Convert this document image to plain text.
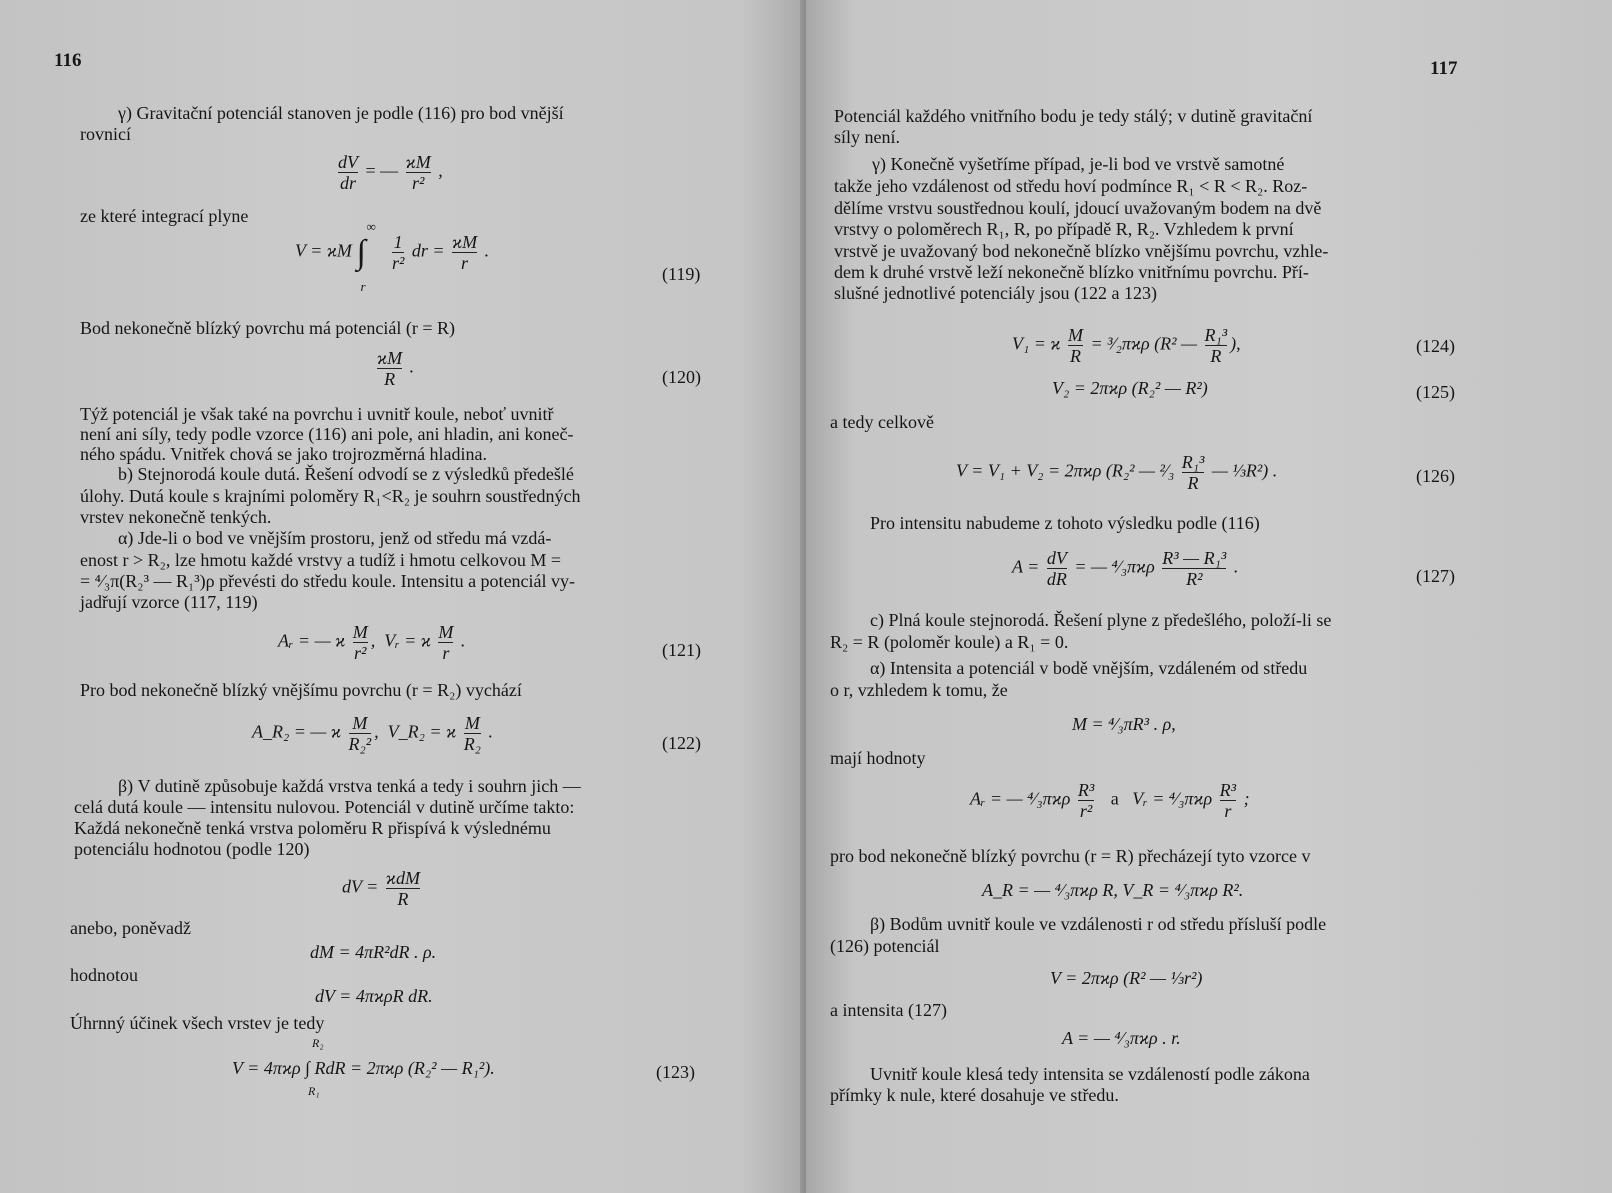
116
γ) Gravitační potenciál stanoven je podle (116) pro bod vnější
rovnicí
$\frac{dV}{dr}$ = — $\frac{ϰM}{\text{r²}}$ ,
ze které integrací plyne
V = ϰM
∞
∫
r

$\frac{1}{\text{r²}}$ dr = $\frac{ϰM}{r}$ .
(119)
Bod nekonečně blízký povrchu má potenciál (r = R)
$\frac{ϰM}{R}$ .
(120)
Týž potenciál je však také na povrchu i uvnitř koule, neboť uvnitř
není ani síly, tedy podle vzorce (116) ani pole, ani hladin, ani koneč-
ného spádu. Vnitřek chová se jako trojrozměrná hladina.
b) Stejnorodá koule dutá. Řešení odvodí se z výsledků předešlé
úlohy. Dutá koule s krajními poloměry R₁<R₂ je souhrn soustředných
vrstev nekonečně tenkých.
α) Jde-li o bod ve vnějším prostoru, jenž od středu má vzdá-
enost r > R₂, lze hmotu každé vrstvy a tudíž i hmotu celkovou M =
= ⁴⁄₃π(R₂³ — R₁³)ρ převésti do středu koule. Intensitu a potenciál vy-
jadřují vzorce (117, 119)
Aᵣ = — ϰ $\frac{M}{\text{r²}}$ ,  Vᵣ = ϰ $\frac{M}{r}$ .	(121)
Pro bod nekonečně blízký vnějšímu povrchu (r = R₂) vychází
A_R₂ = — ϰ $\frac{M}{\text{R₂²}}$ ,  V_R₂ = ϰ $\frac{M}{\text{R₂}}$ .
(122)
β) V dutině způsobuje každá vrstva tenká a tedy i souhrn jich —
celá dutá koule — intensitu nulovou. Potenciál v dutině určíme takto:
Každá nekonečně tenká vrstva poloměru R přispívá k výslednému
potenciálu hodnotou (podle 120)
dV = $\frac{\text{ϰdM}}{R}$
anebo, poněvadž
dM = 4πR²dR . ρ.
hodnotou
dV = 4πϰρR dR.
Úhrnný účinek všech vrstev je tedy
R₂
V = 4πϰρ ∫ RdR = 2πϰρ (R₂² — R₁²).
R₁
(123)
117
Potenciál každého vnitřního bodu je tedy stálý; v dutině gravitační
síly není.
γ) Konečně vyšetříme případ, je-li bod ve vrstvě samotné
takže jeho vzdálenost od středu hoví podmínce R₁ < R < R₂. Roz-
dělíme vrstvu soustřednou koulí, jdoucí uvažovaným bodem na dvě
vrstvy o poloměrech R₁, R, po případě R, R₂. Vzhledem k první
vrstvě je uvažovaný bod nekonečně blízko vnějšímu povrchu, vzhle-
dem k druhé vrstvě leží nekonečně blízko vnitřnímu povrchu. Pří-
slušné jednotlivé potenciály jsou (122 a 123)
V₁ = ϰ $\frac{M}{R}$ = ³⁄₂πϰρ (R² — $\frac{\text{R₁³}}{R}$ ),	(124)
V₂ = 2πϰρ (R₂² — R²)	(125)
a tedy celkově
V = V₁ + V₂ = 2πϰρ (R₂² — ²⁄₃ $\frac{\text{R₁³}}{R}$ — ⅓R²) .	(126)
Pro intensitu nabudeme z tohoto výsledku podle (116)
$A = \frac{dV}{dR}$ = — ⁴⁄₃πϰρ $\frac{\text{R³ — R₁³}}{\text{R²}}$ .	(127)
c) Plná koule stejnorodá. Řešení plyne z předešlého, položí-li se
R₂ = R (poloměr koule) a R₁ = 0.
α) Intensita a potenciál v bodě vnějším, vzdáleném od středu
o r, vzhledem k tomu, že
M = ⁴⁄₃πR³ . ρ,
mají hodnoty
Aᵣ = — ⁴⁄₃πϰρ $\frac{\text{R³}}{\text{r²}}$ a Vᵣ = ⁴⁄₃πϰρ $\frac{\text{R³}}{r}$ ;
pro bod nekonečně blízký povrchu (r = R) přecházejí tyto vzorce v
A_R = — ⁴⁄₃πϰρ R, V_R = ⁴⁄₃πϰρ R².
β) Bodům uvnitř koule ve vzdálenosti r od středu přísluší podle
(126) potenciál
V = 2πϰρ (R² — ⅓r²)
a intensita (127)
A = — ⁴⁄₃πϰρ . r.
Uvnitř koule klesá tedy intensita se vzdáleností podle zákona
přímky k nule, které dosahuje ve středu.
